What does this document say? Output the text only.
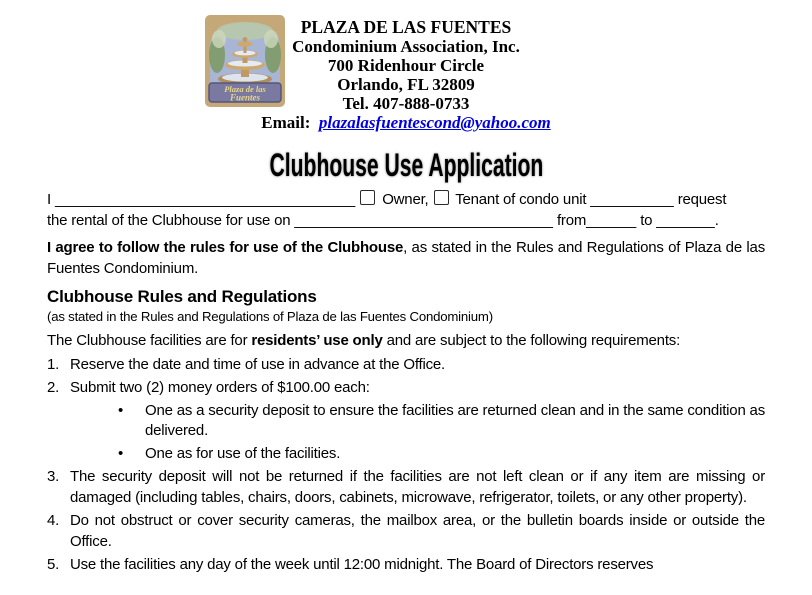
Plaza de las
Fuentes
PLAZA DE LAS FUENTES
Condominium Association, Inc.
700 Ridenhour Circle
Orlando, FL 32809
Tel. 407-888-0733
Email: plazalasfuentescond@yahoo.com
Clubhouse Use Application
I ____________________________________ Owner, Tenant of condo unit __________ request
the rental of the Clubhouse for use on _______________________________ from______ to _______.

I agree to follow the rules for use of the Clubhouse, as stated in the Rules and Regulations of Plaza de las Fuentes Condominium.

Clubhouse Rules and Regulations
(as stated in the Rules and Regulations of Plaza de las Fuentes Condominium)

The Clubhouse facilities are for residents’ use only and are subject to the following requirements:

1. Reserve the date and time of use in advance at the Office.
2. Submit two (2) money orders of $100.00 each:
•
One as a security deposit to ensure the facilities are returned clean and in the same condition as delivered.
•
One as for use of the facilities.
3. The security deposit will not be returned if the facilities are not left clean or if any item are missing or damaged (including tables, chairs, doors, cabinets, microwave, refrigerator, toilets, or any other property).
4. Do not obstruct or cover security cameras, the mailbox area, or the bulletin boards inside or outside the Office.
5. Use the facilities any day of the week until 12:00 midnight. The Board of Directors reserves
